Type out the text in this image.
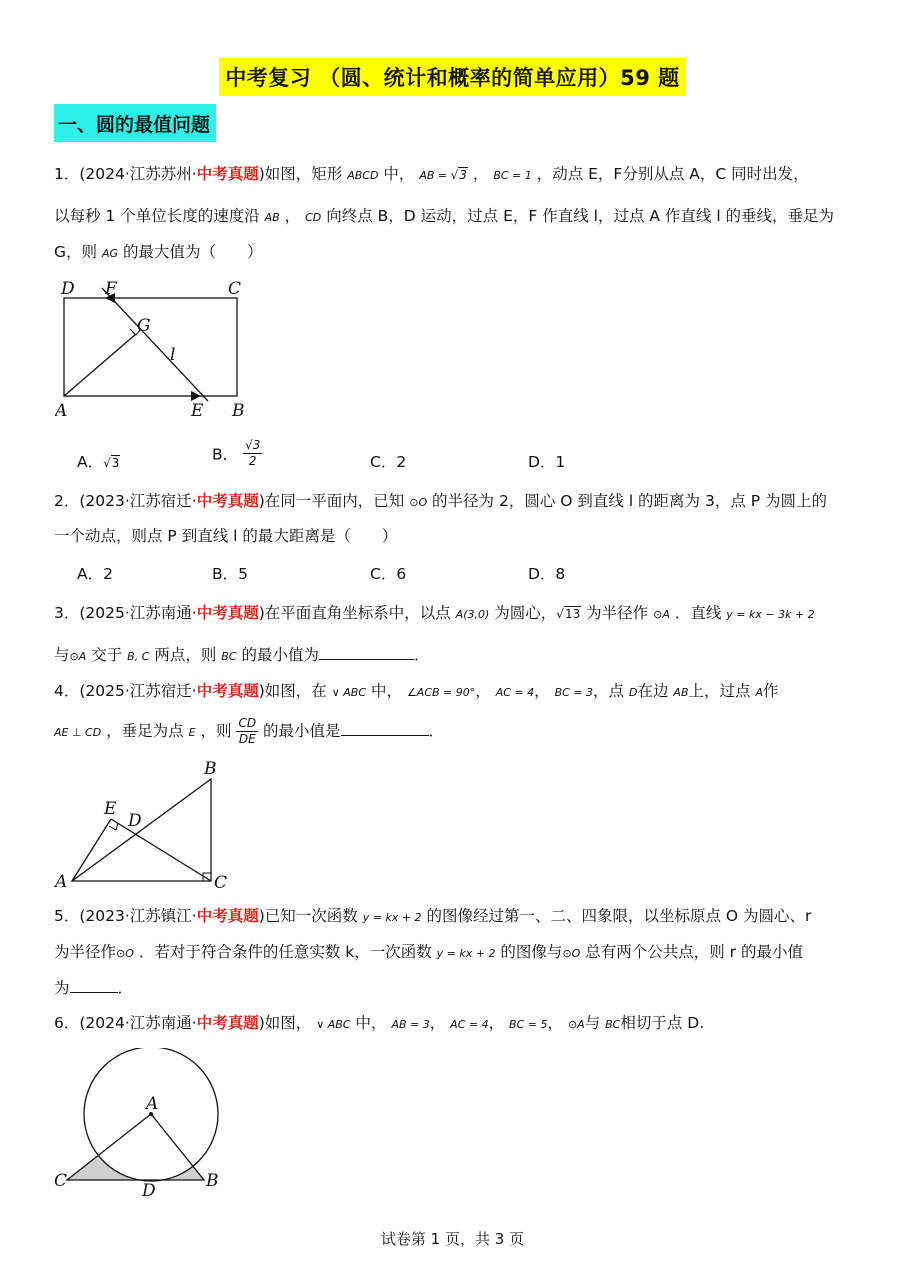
中考复习 （圆、统计和概率的简单应用）59 题
一、圆的最值问题
1．(2024·江苏苏州·中考真题)如图，矩形 ABCD 中， AB = √3 ， BC = 1 ，动点 E，F分别从点 A，C 同时出发，
以每秒 1 个单位长度的速度沿 AB ， CD 向终点 B，D 运动，过点 E，F 作直线 l，过点 A 作直线 l 的垂线，垂足为
G，则 AG 的最大值为（　　）
D F	C
G
l
A	E B
A．√3	B． $\frac{√3}{2}$	C．2	D．1
2．(2023·江苏宿迁·中考真题)在同一平面内，已知 ⊙O 的半径为 2，圆心 O 到直线 l 的距离为 3，点 P 为圆上的
一个动点，则点 P 到直线 l 的最大距离是（　　）
A．2	B．5	C．6	D．8
3．(2025·江苏南通·中考真题)在平面直角坐标系中，以点 A(3,0) 为圆心，√13 为半径作 ⊙A ．直线 y = kx − 3k + 2
与⊙A 交于 B, C 两点，则 BC 的最小值为	．
4．(2025·江苏宿迁·中考真题)如图，在 ∨ ABC 中， ∠ACB = 90°， AC = 4， BC = 3，点 D在边 AB上，过点 A作
AE ⊥ CD ，垂足为点 E ，则 $\frac{CD}{DE}$ 的最小值是	．
B
E
D
A	C
5．(2023·江苏镇江·中考真题)已知一次函数 y = kx + 2 的图像经过第一、二、四象限，以坐标原点 O 为圆心、r
为半径作⊙O ．若对于符合条件的任意实数 k，一次函数 y = kx + 2 的图像与⊙O 总有两个公共点，则 r 的最小值
为	．
6．(2024·江苏南通·中考真题)如图， ∨ ABC 中， AB = 3， AC = 4， BC = 5， ⊙A与 BC相切于点 D.
A
C	D	B
试卷第 1 页，共 3 页
